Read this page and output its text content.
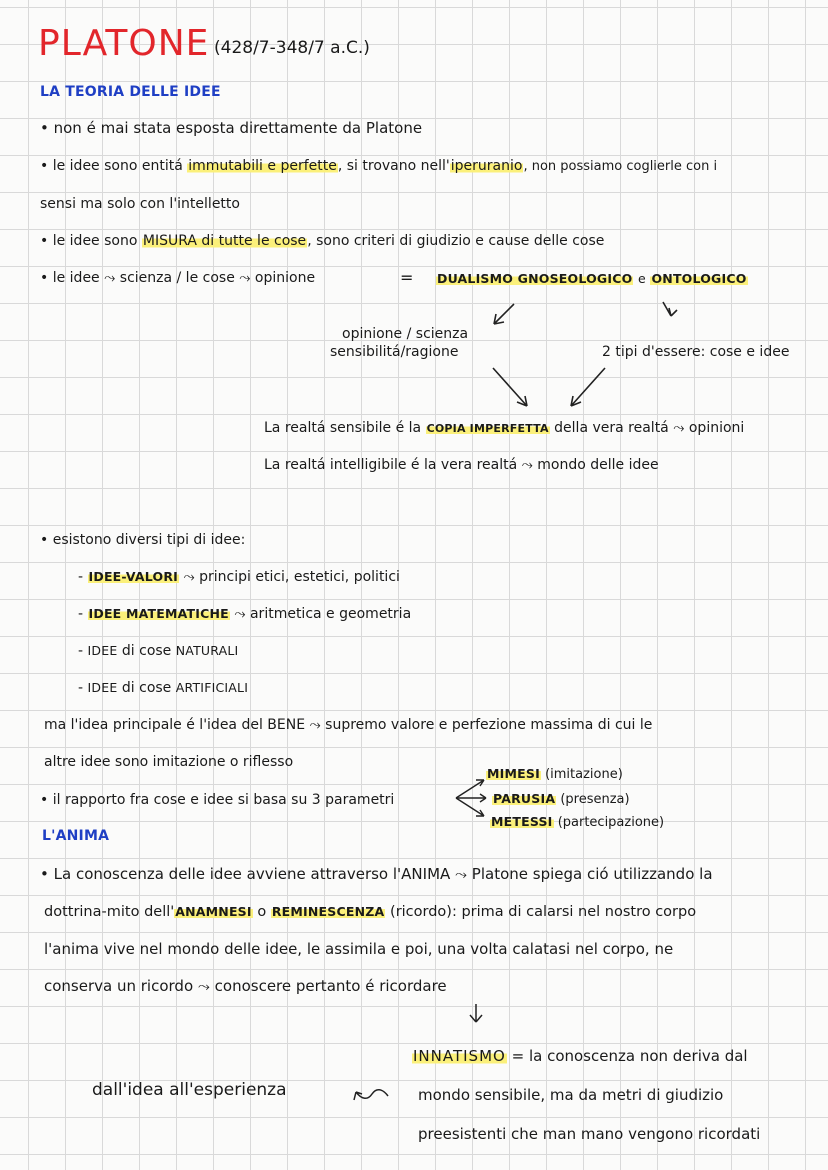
PLATONE (428/7-348/7 a.C.)
LA TEORIA DELLE IDEE
• non é mai stata esposta direttamente da Platone
• le idee sono entitá immutabili e perfette, si trovano nell'iperuranio, non possiamo coglierle con i
sensi ma solo con l'intelletto
• le idee sono MISURA di tutte le cose, sono criteri di giudizio e cause delle cose
• le idee ⤳ scienza / le cose ⤳ opinione	= DUALISMO GNOSEOLOGICO e ONTOLOGICO
opinione / scienza
sensibilitá/ragione	2 tipi d'essere: cose e idee
La realtá sensibile é la COPIA IMPERFETTA della vera realtá ⤳ opinioni
La realtá intelligibile é la vera realtá ⤳ mondo delle idee
• esistono diversi tipi di idee:
- IDEE-VALORI ⤳ principi etici, estetici, politici
- IDEE MATEMATICHE ⤳ aritmetica e geometria
- IDEE di cose NATURALI
- IDEE di cose ARTIFICIALI
ma l'idea principale é l'idea del BENE ⤳ supremo valore e perfezione massima di cui le
altre idee sono imitazione o riflesso
• il rapporto fra cose e idee si basa su 3 parametri
MIMESI (imitazione)
PARUSIA (presenza)
METESSI (partecipazione)
L'ANIMA
• La conoscenza delle idee avviene attraverso l'ANIMA ⤳ Platone spiega ció utilizzando la
dottrina-mito dell'ANAMNESI o REMINESCENZA (ricordo): prima di calarsi nel nostro corpo
l'anima vive nel mondo delle idee, le assimila e poi, una volta calatasi nel corpo, ne
conserva un ricordo ⤳ conoscere pertanto é ricordare
INNATISMO = la conoscenza non deriva dal
mondo sensibile, ma da metri di giudizio
preesistenti che man mano vengono ricordati
dall'idea all'esperienza
